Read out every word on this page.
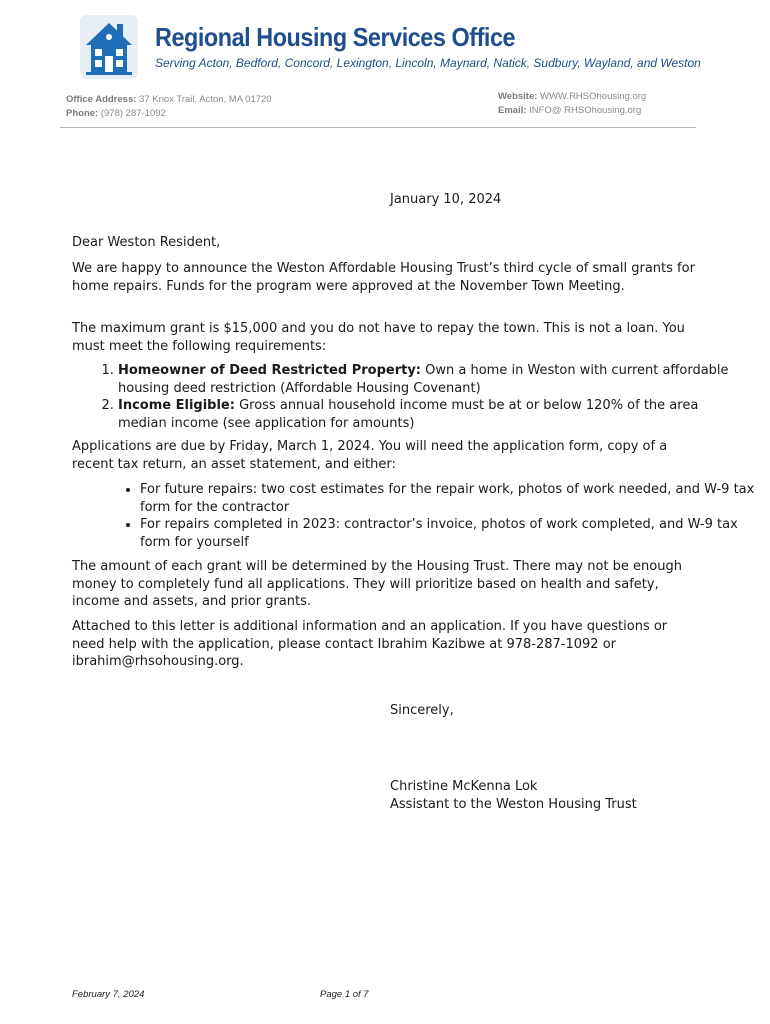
Regional Housing Services Office
Serving Acton, Bedford, Concord, Lexington, Lincoln, Maynard, Natick, Sudbury, Wayland, and Weston
Office Address: 37 Knox Trail, Acton, MA 01720
Phone: (978) 287-1092
Website: WWW.RHSOhousing.org
Email: INFO@ RHSOhousing.org
January 10, 2024

Dear Weston Resident,

We are happy to announce the Weston Affordable Housing Trust’s third cycle of small grants for home repairs. Funds for the program were approved at the November Town Meeting.

The maximum grant is $15,000 and you do not have to repay the town. This is not a loan. You must meet the following requirements:

1. Homeowner of Deed Restricted Property: Own a home in Weston with current affordable housing deed restriction (Affordable Housing Covenant)
2. Income Eligible: Gross annual household income must be at or below 120% of the area median income (see application for amounts)

Applications are due by Friday, March 1, 2024. You will need the application form, copy of a recent tax return, an asset statement, and either:

• For future repairs: two cost estimates for the repair work, photos of work needed, and W-9 tax form for the contractor
• For repairs completed in 2023: contractor’s invoice, photos of work completed, and W-9 tax form for yourself

The amount of each grant will be determined by the Housing Trust. There may not be enough money to completely fund all applications. They will prioritize based on health and safety, income and assets, and prior grants.

Attached to this letter is additional information and an application. If you have questions or need help with the application, please contact Ibrahim Kazibwe at 978-287-1092 or ibrahim@rhsohousing.org.

Sincerely,
Christine McKenna Lok
Assistant to the Weston Housing Trust
February 7, 2024	Page 1 of 7
